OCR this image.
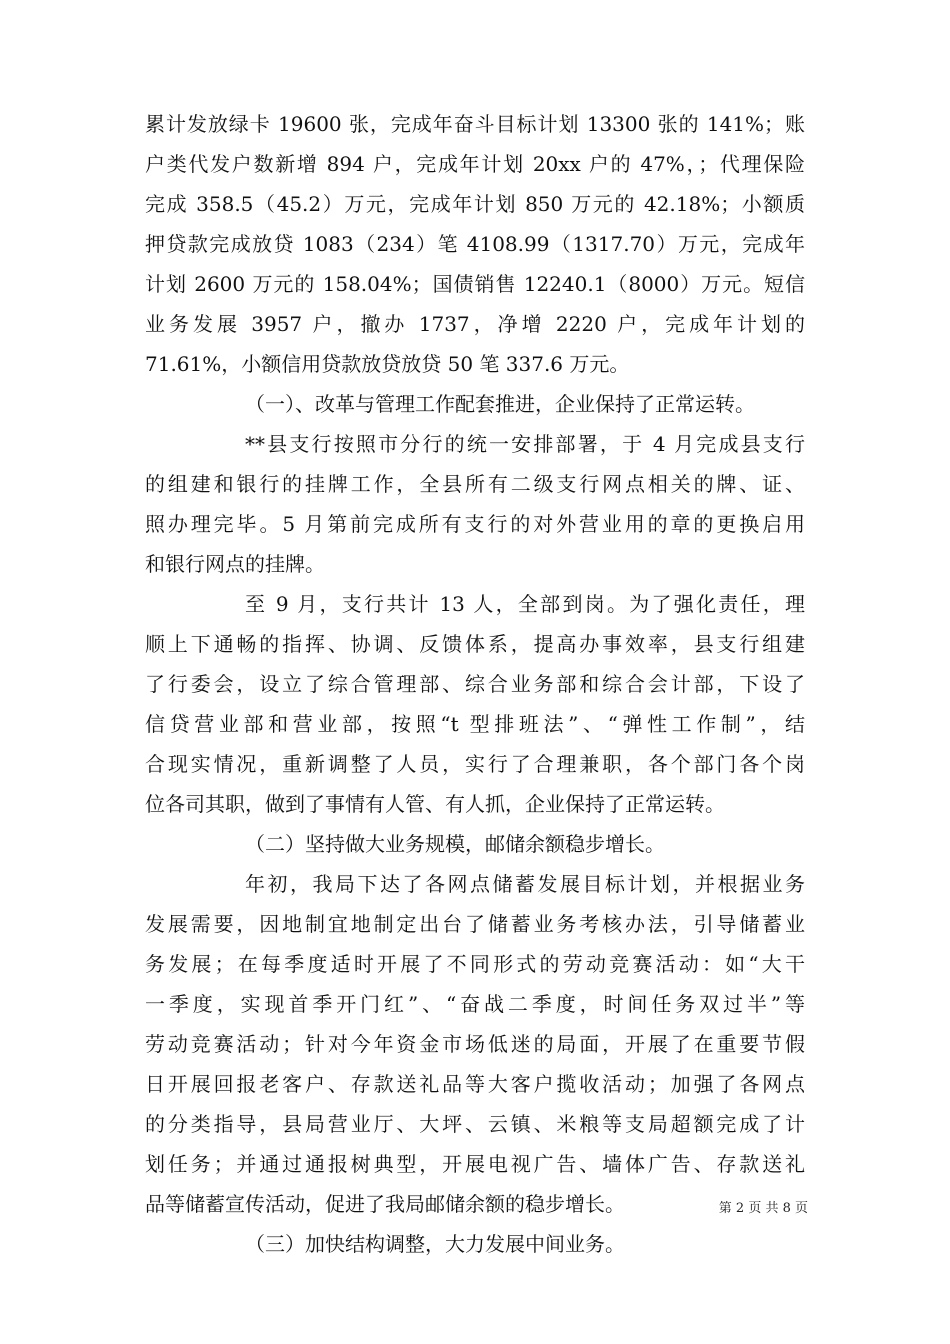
累计发放绿卡 19600 张，完成年奋斗目标计划 13300 张的 141%；账
户类代发户数新增 894 户，完成年计划 20xx 户的 47%，；代理保险
完成 358.5（45.2）万元，完成年计划 850 万元的 42.18%；小额质
押贷款完成放贷 1083（234）笔 4108.99（1317.70）万元，完成年
计划 2600 万元的 158.04%；国债销售 12240.1（8000）万元。短信
业务发展 3957 户，撤办 1737，净增 2220 户，完成年计划的
71.61%，小额信用贷款放贷放贷 50 笔 337.6 万元。
（一）、改革与管理工作配套推进，企业保持了正常运转。
**县支行按照市分行的统一安排部署，于 4 月完成县支行
的组建和银行的挂牌工作，全县所有二级支行网点相关的牌、证、
照办理完毕。5 月第前完成所有支行的对外营业用的章的更换启用
和银行网点的挂牌。
至 9 月，支行共计 13 人，全部到岗。为了强化责任，理
顺上下通畅的指挥、协调、反馈体系，提高办事效率，县支行组建
了行委会，设立了综合管理部、综合业务部和综合会计部，下设了
信贷营业部和营业部，按照“t 型排班法”、“弹性工作制”，结
合现实情况，重新调整了人员，实行了合理兼职，各个部门各个岗
位各司其职，做到了事情有人管、有人抓，企业保持了正常运转。
（二）坚持做大业务规模，邮储余额稳步增长。
年初，我局下达了各网点储蓄发展目标计划，并根据业务
发展需要，因地制宜地制定出台了储蓄业务考核办法，引导储蓄业
务发展；在每季度适时开展了不同形式的劳动竞赛活动：如“大干
一季度，实现首季开门红”、“奋战二季度，时间任务双过半”等
劳动竞赛活动；针对今年资金市场低迷的局面，开展了在重要节假
日开展回报老客户、存款送礼品等大客户揽收活动；加强了各网点
的分类指导，县局营业厅、大坪、云镇、米粮等支局超额完成了计
划任务；并通过通报树典型，开展电视广告、墙体广告、存款送礼
品等储蓄宣传活动，促进了我局邮储余额的稳步增长。
（三）加快结构调整，大力发展中间业务。
第 2 页 共 8 页
